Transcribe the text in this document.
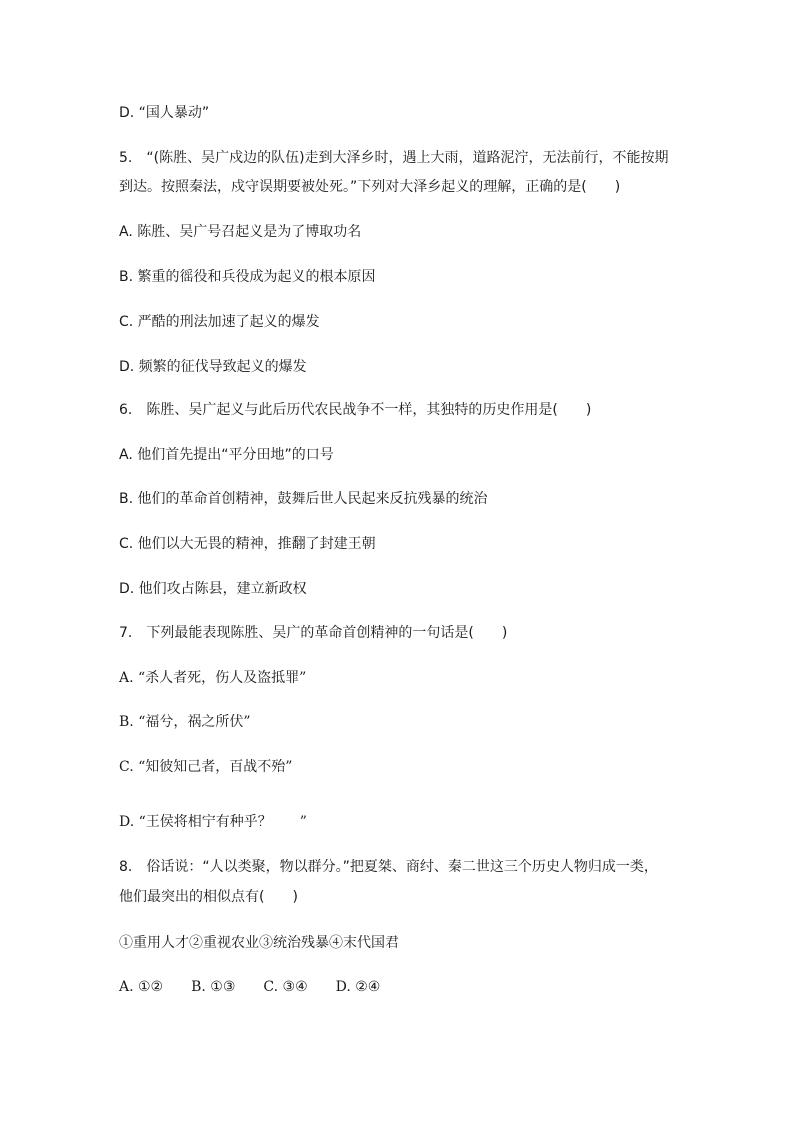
D. “国人暴动”
5.　“(陈胜、吴广戍边的队伍)走到大泽乡时，遇上大雨，道路泥泞，无法前行，不能按期
到达。按照秦法，戍守误期要被处死。”下列对大泽乡起义的理解，正确的是(　　)
A. 陈胜、吴广号召起义是为了博取功名
B. 繁重的徭役和兵役成为起义的根本原因
C. 严酷的刑法加速了起义的爆发
D. 频繁的征伐导致起义的爆发
6.　陈胜、吴广起义与此后历代农民战争不一样，其独特的历史作用是(　　)
A. 他们首先提出“平分田地”的口号
B. 他们的革命首创精神，鼓舞后世人民起来反抗残暴的统治
C. 他们以大无畏的精神，推翻了封建王朝
D. 他们攻占陈县，建立新政权
7.　下列最能表现陈胜、吴广的革命首创精神的一句话是(　　)
A. “杀人者死，伤人及盗抵罪”
B. “福兮，祸之所伏”
C. “知彼知己者，百战不殆”
D. “王侯将相宁有种乎？　　”
8.　俗话说：“人以类聚，物以群分。”把夏桀、商纣、秦二世这三个历史人物归成一类，
他们最突出的相似点有(　　)
①重用人才②重视农业③统治残暴④末代国君
A. ①②　　B. ①③　　C. ③④　　D. ②④
